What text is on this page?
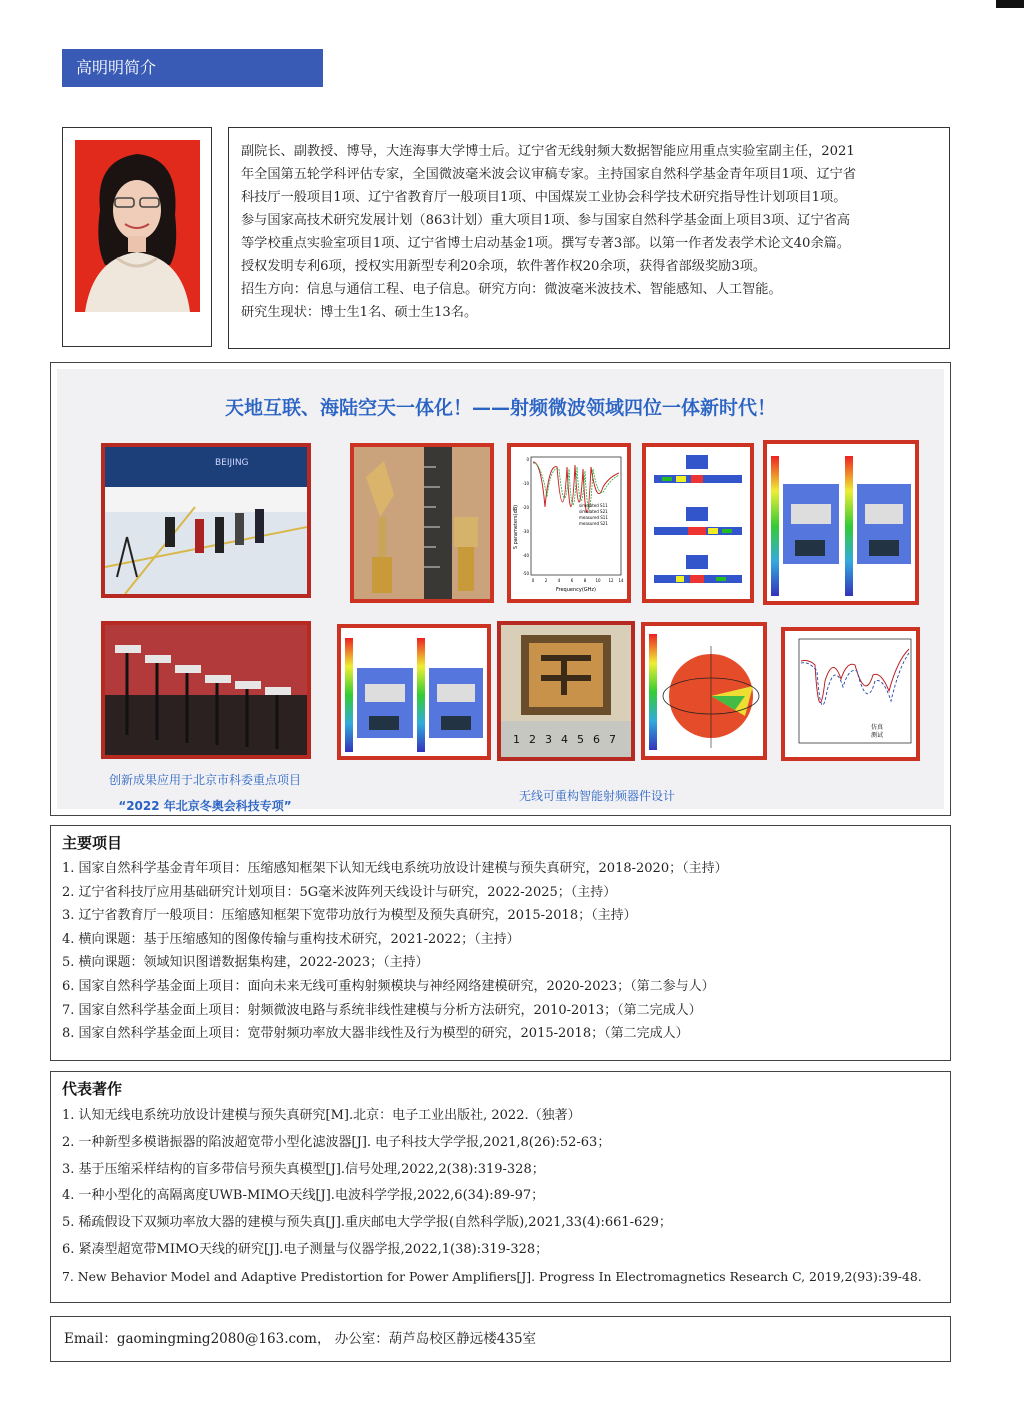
高明明简介

副院长、副教授、博导，大连海事大学博士后。辽宁省无线射频大数据智能应用重点实验室副主任，2021

年全国第五轮学科评估专家，全国微波毫米波会议审稿专家。主持国家自然科学基金青年项目1项、辽宁省

科技厅一般项目1项、辽宁省教育厅一般项目1项、中国煤炭工业协会科学技术研究指导性计划项目1项。

参与国家高技术研究发展计划（863计划）重大项目1项、参与国家自然科学基金面上项目3项、辽宁省高

等学校重点实验室项目1项、辽宁省博士启动基金1项。撰写专著3部。以第一作者发表学术论文40余篇。

授权发明专利6项，授权实用新型专利20余项，软件著作权20余项，获得省部级奖励3项。

招生方向：信息与通信工程、电子信息。研究方向：微波毫米波技术、智能感知、人工智能。

研究生现状：博士生1名、硕士生13名。

天地互联、海陆空天一体化！——射频微波领域四位一体新时代！
BEIJING
S parameters(dB)	simulated S11
simulated S21
measured S11
measured S21
0	2	4	6	8 10 12 14
0
-10
-20
-30
-40
-50
Frequency(GHz)
1 2 3 4 5 6 7
仿真
测试
创新成果应用于北京市科委重点项目
“2022 年北京冬奥会科技专项”
无线可重构智能射频器件设计
主要项目
1. 国家自然科学基金青年项目：压缩感知框架下认知无线电系统功放设计建模与预失真研究，2018-2020；（主持）
2. 辽宁省科技厅应用基础研究计划项目：5G毫米波阵列天线设计与研究，2022-2025；（主持）
3. 辽宁省教育厅一般项目：压缩感知框架下宽带功放行为模型及预失真研究，2015-2018；（主持）
4. 横向课题：基于压缩感知的图像传输与重构技术研究，2021-2022；（主持）
5. 横向课题：领域知识图谱数据集构建，2022-2023；（主持）
6. 国家自然科学基金面上项目：面向未来无线可重构射频模块与神经网络建模研究，2020-2023；（第二参与人）
7. 国家自然科学基金面上项目：射频微波电路与系统非线性建模与分析方法研究，2010-2013；（第二完成人）
8. 国家自然科学基金面上项目：宽带射频功率放大器非线性及行为模型的研究，2015-2018；（第二完成人）
代表著作
1. 认知无线电系统功放设计建模与预失真研究[M].北京：电子工业出版社, 2022.（独著）
2. 一种新型多模谐振器的陷波超宽带小型化滤波器[J]. 电子科技大学学报,2021,8(26):52-63；
3. 基于压缩采样结构的盲多带信号预失真模型[J].信号处理,2022,2(38):319-328；
4. 一种小型化的高隔离度UWB-MIMO天线[J].电波科学学报,2022,6(34):89-97；
5. 稀疏假设下双频功率放大器的建模与预失真[J].重庆邮电大学学报(自然科学版),2021,33(4):661-629；
6. 紧凑型超宽带MIMO天线的研究[J].电子测量与仪器学报,2022,1(38):319-328；
7. New Behavior Model and Adaptive Predistortion for Power Amplifiers[J]. Progress In Electromagnetics Research C, 2019,2(93):39-48.
Email：gaomingming2080@163.com， 办公室：葫芦岛校区静远楼435室
